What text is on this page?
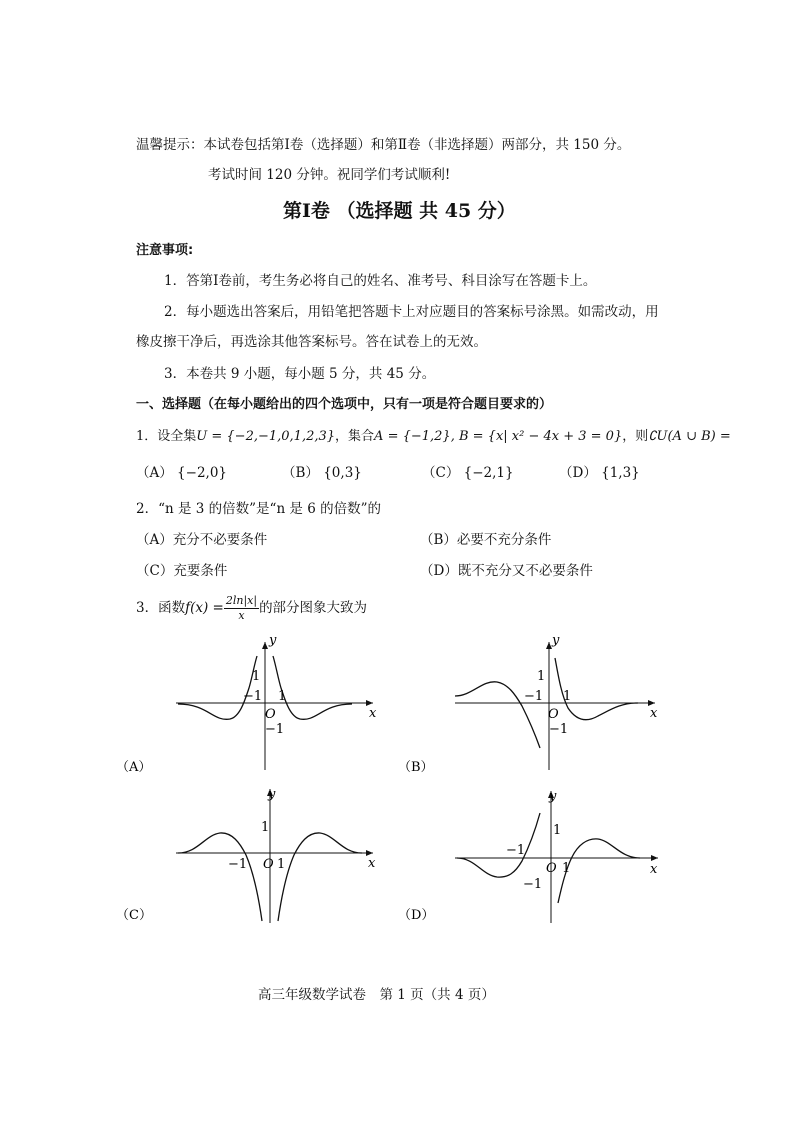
温馨提示：本试卷包括第Ⅰ卷（选择题）和第Ⅱ卷（非选择题）两部分，共 150 分。
考试时间 120 分钟。祝同学们考试顺利!
第Ⅰ卷 （选择题 共 45 分）
注意事项:
1．答第Ⅰ卷前，考生务必将自己的姓名、准考号、科目涂写在答题卡上。
2．每小题选出答案后，用铅笔把答题卡上对应题目的答案标号涂黑。如需改动，用
橡皮擦干净后，再选涂其他答案标号。答在试卷上的无效。
3．本卷共 9 小题，每小题 5 分，共 45 分。
一、选择题（在每小题给出的四个选项中，只有一项是符合题目要求的）
1．设全集U = {−2,−1,0,1,2,3}，集合A = {−1,2}, B = {x| x² − 4x + 3 = 0}，则∁U(A ∪ B) =
（A） {−2,0}	（B） {0,3}	（C） {−2,1}	（D） {1,3}
2．“n 是 3 的倍数”是“n 是 6 的倍数”的
（A）充分不必要条件	（B）必要不充分条件
（C）充要条件	（D）既不充分又不必要条件
3．函数$f(x) = \frac{2\ln|x|}{x}$ 的部分图象大致为
1
−1
1
−1
O	x
y
（A）
1
−1
1
−1
O	x
y
（B）
1
−1
1
O	x
y
（C）
1
−1
1
−1
O	x
y
（D）
高三年级数学试卷　第 1 页（共 4 页）
